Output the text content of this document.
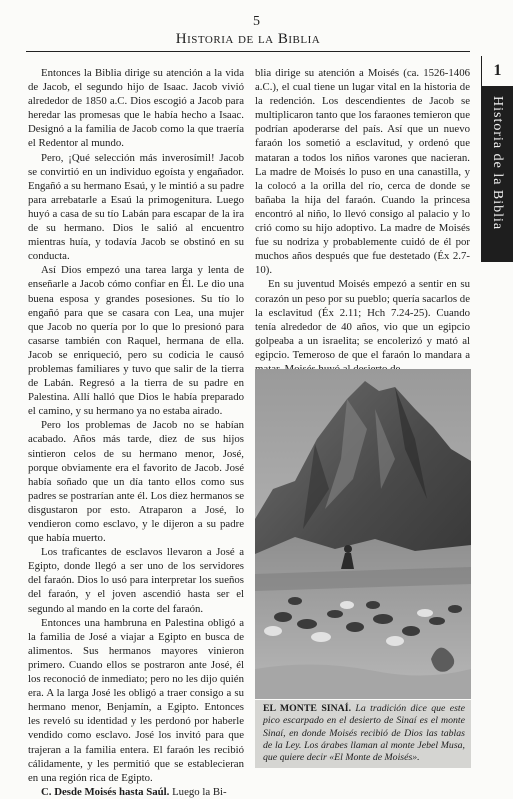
5
Historia de la Biblia
1
Historia de la Biblia

Entonces la Biblia dirige su atención a la vida de Jacob, el segundo hijo de Isaac. Jacob vivió alrededor de 1850 a.C. Dios escogió a Jacob para heredar las promesas que le había hecho a Isaac. Designó a la familia de Jacob como la que traería el Redentor al mundo.

Pero, ¡Qué selección más inverosímil! Jacob se convirtió en un individuo egoísta y engañador. Engañó a su hermano Esaú, y le mintió a su padre para arrebatarle a Esaú la primogenitura. Luego huyó a casa de su tío Labán para escapar de la ira de su hermano. Dios le salió al encuentro mientras huía, y todavía Jacob se obstinó en su conducta.

Así Dios empezó una tarea larga y lenta de enseñarle a Jacob cómo confiar en Él. Le dio una buena esposa y grandes posesiones. Su tío lo engañó para que se casara con Lea, una mujer que Jacob no quería por lo que lo presionó para casarse también con Raquel, hermana de ella. Jacob se enriqueció, pero su codicia le causó problemas familiares y tuvo que salir de la tierra de Labán. Regresó a la tierra de su padre en Palestina. Allí halló que Dios le había preparado el camino, y su hermano ya no estaba airado.

Pero los problemas de Jacob no se habían acabado. Años más tarde, diez de sus hijos sintieron celos de su hermano menor, José, porque obviamente era el favorito de Jacob. José había soñado que un día tanto ellos como sus padres se postrarían ante él. Los diez hermanos se disgustaron por esto. Atraparon a José, lo vendieron como esclavo, y le dijeron a su padre que había muerto.

Los traficantes de esclavos llevaron a José a Egipto, donde llegó a ser uno de los servidores del faraón. Dios lo usó para interpretar los sueños del faraón, y el joven ascendió hasta ser el segundo al mando en la corte del faraón.

Entonces una hambruna en Palestina obligó a la familia de José a viajar a Egipto en busca de alimentos. Sus hermanos mayores vinieron primero. Cuando ellos se postraron ante José, él los reconoció de inmediato; pero no les dijo quién era. A la larga José les obligó a traer consigo a su hermano menor, Benjamín, a Egipto. Entonces les reveló su identidad y les perdonó por haberle vendido como esclavo. José los invitó para que trajeran a la familia entera. El faraón les recibió cálidamente, y les permitió que se establecieran en una región rica de Egipto.

C. Desde Moisés hasta Saúl. Luego la Bi-

blia dirige su atención a Moisés (ca. 1526-1406 a.C.), el cual tiene un lugar vital en la historia de la redención. Los descendientes de Jacob se multiplicaron tanto que los faraones temieron que podrían apoderarse del país. Así que un nuevo faraón los sometió a esclavitud, y ordenó que mataran a todos los niños varones que nacieran. La madre de Moisés lo puso en una canastilla, y la colocó a la orilla del río, cerca de donde se bañaba la hija del faraón. Cuando la princesa encontró al niño, lo llevó consigo al palacio y lo crió como su hijo adoptivo. La madre de Moisés fue su nodriza y probablemente cuidó de él por muchos años después que fue destetado (Éx 2.7-10).

En su juventud Moisés empezó a sentir en su corazón un peso por su pueblo; quería sacarlos de la esclavitud (Éx 2.11; Hch 7.24-25). Cuando tenía alrededor de 40 años, vio que un egipcio golpeaba a un israelita; se encolerizó y mató al egipcio. Temeroso de que el faraón lo mandara a

EL MONTE SINAÍ. La tradición dice que este pico escarpado en el desierto de Sinaí es el monte Sinaí, en donde Moisés recibió de Dios las tablas de la Ley. Los árabes llaman al monte Jebel Musa, que quiere decir «El Monte de Moisés».
